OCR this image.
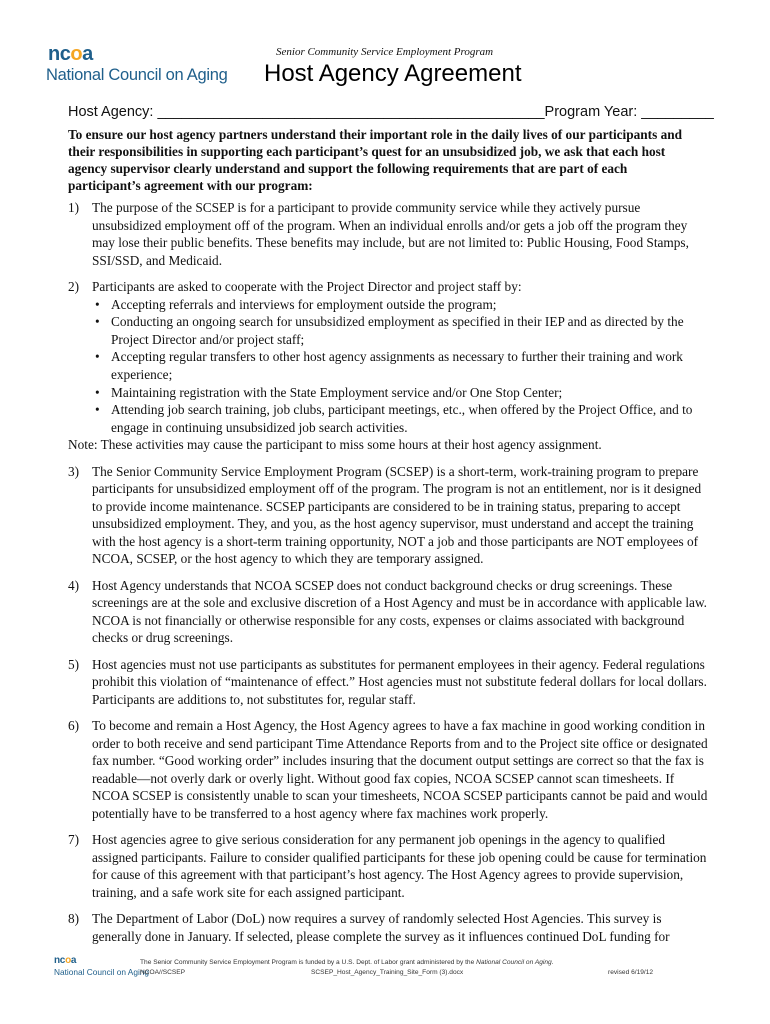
ncoa
National Council on Aging
Senior Community Service Employment Program
Host Agency Agreement
Host Agency: ________________________________________________Program Year: _________
To ensure our host agency partners understand their important role in the daily lives of our participants and their responsibilities in supporting each participant’s quest for an unsubsidized job, we ask that each host agency supervisor clearly understand and support the following requirements that are part of each participant’s agreement with our program:
1) The purpose of the SCSEP is for a participant to provide community service while they actively pursue unsubsidized employment off of the program. When an individual enrolls and/or gets a job off the program they may lose their public benefits. These benefits may include, but are not limited to: Public Housing, Food Stamps, SSI/SSD, and Medicaid.
2) Participants are asked to cooperate with the Project Director and project staff by:
• Accepting referrals and interviews for employment outside the program;
• Conducting an ongoing search for unsubsidized employment as specified in their IEP and as directed by the Project Director and/or project staff;
• Accepting regular transfers to other host agency assignments as necessary to further their training and work experience;
• Maintaining registration with the State Employment service and/or One Stop Center;
• Attending job search training, job clubs, participant meetings, etc., when offered by the Project Office, and to engage in continuing unsubsidized job search activities.
Note: These activities may cause the participant to miss some hours at their host agency assignment.
3) The Senior Community Service Employment Program (SCSEP) is a short-term, work-training program to prepare participants for unsubsidized employment off of the program. The program is not an entitlement, nor is it designed to provide income maintenance. SCSEP participants are considered to be in training status, preparing to accept unsubsidized employment. They, and you, as the host agency supervisor, must understand and accept the training with the host agency is a short-term training opportunity, NOT a job and those participants are NOT employees of NCOA, SCSEP, or the host agency to which they are temporary assigned.
4) Host Agency understands that NCOA SCSEP does not conduct background checks or drug screenings. These screenings are at the sole and exclusive discretion of a Host Agency and must be in accordance with applicable law. NCOA is not financially or otherwise responsible for any costs, expenses or claims associated with background checks or drug screenings.
5) Host agencies must not use participants as substitutes for permanent employees in their agency. Federal regulations prohibit this violation of “maintenance of effect.” Host agencies must not substitute federal dollars for local dollars. Participants are additions to, not substitutes for, regular staff.
6) To become and remain a Host Agency, the Host Agency agrees to have a fax machine in good working condition in order to both receive and send participant Time Attendance Reports from and to the Project site office or designated fax number. “Good working order” includes insuring that the document output settings are correct so that the fax is readable—not overly dark or overly light. Without good fax copies, NCOA SCSEP cannot scan timesheets. If NCOA SCSEP is consistently unable to scan your timesheets, NCOA SCSEP participants cannot be paid and would potentially have to be transferred to a host agency where fax machines work properly.
7) Host agencies agree to give serious consideration for any permanent job openings in the agency to qualified assigned participants. Failure to consider qualified participants for these job opening could be cause for termination for cause of this agreement with that participant’s host agency. The Host Agency agrees to provide supervision, training, and a safe work site for each assigned participant.
8) The Department of Labor (DoL) now requires a survey of randomly selected Host Agencies. This survey is generally done in January. If selected, please complete the survey as it influences continued DoL funding for
ncoa
National Council on Aging
The Senior Community Service Employment Program is funded by a U.S. Dept. of Labor grant administered by the National Council on Aging.
NCOA//SCSEP	SCSEP_Host_Agency_Training_Site_Form (3).docx	revised 6/19/12
